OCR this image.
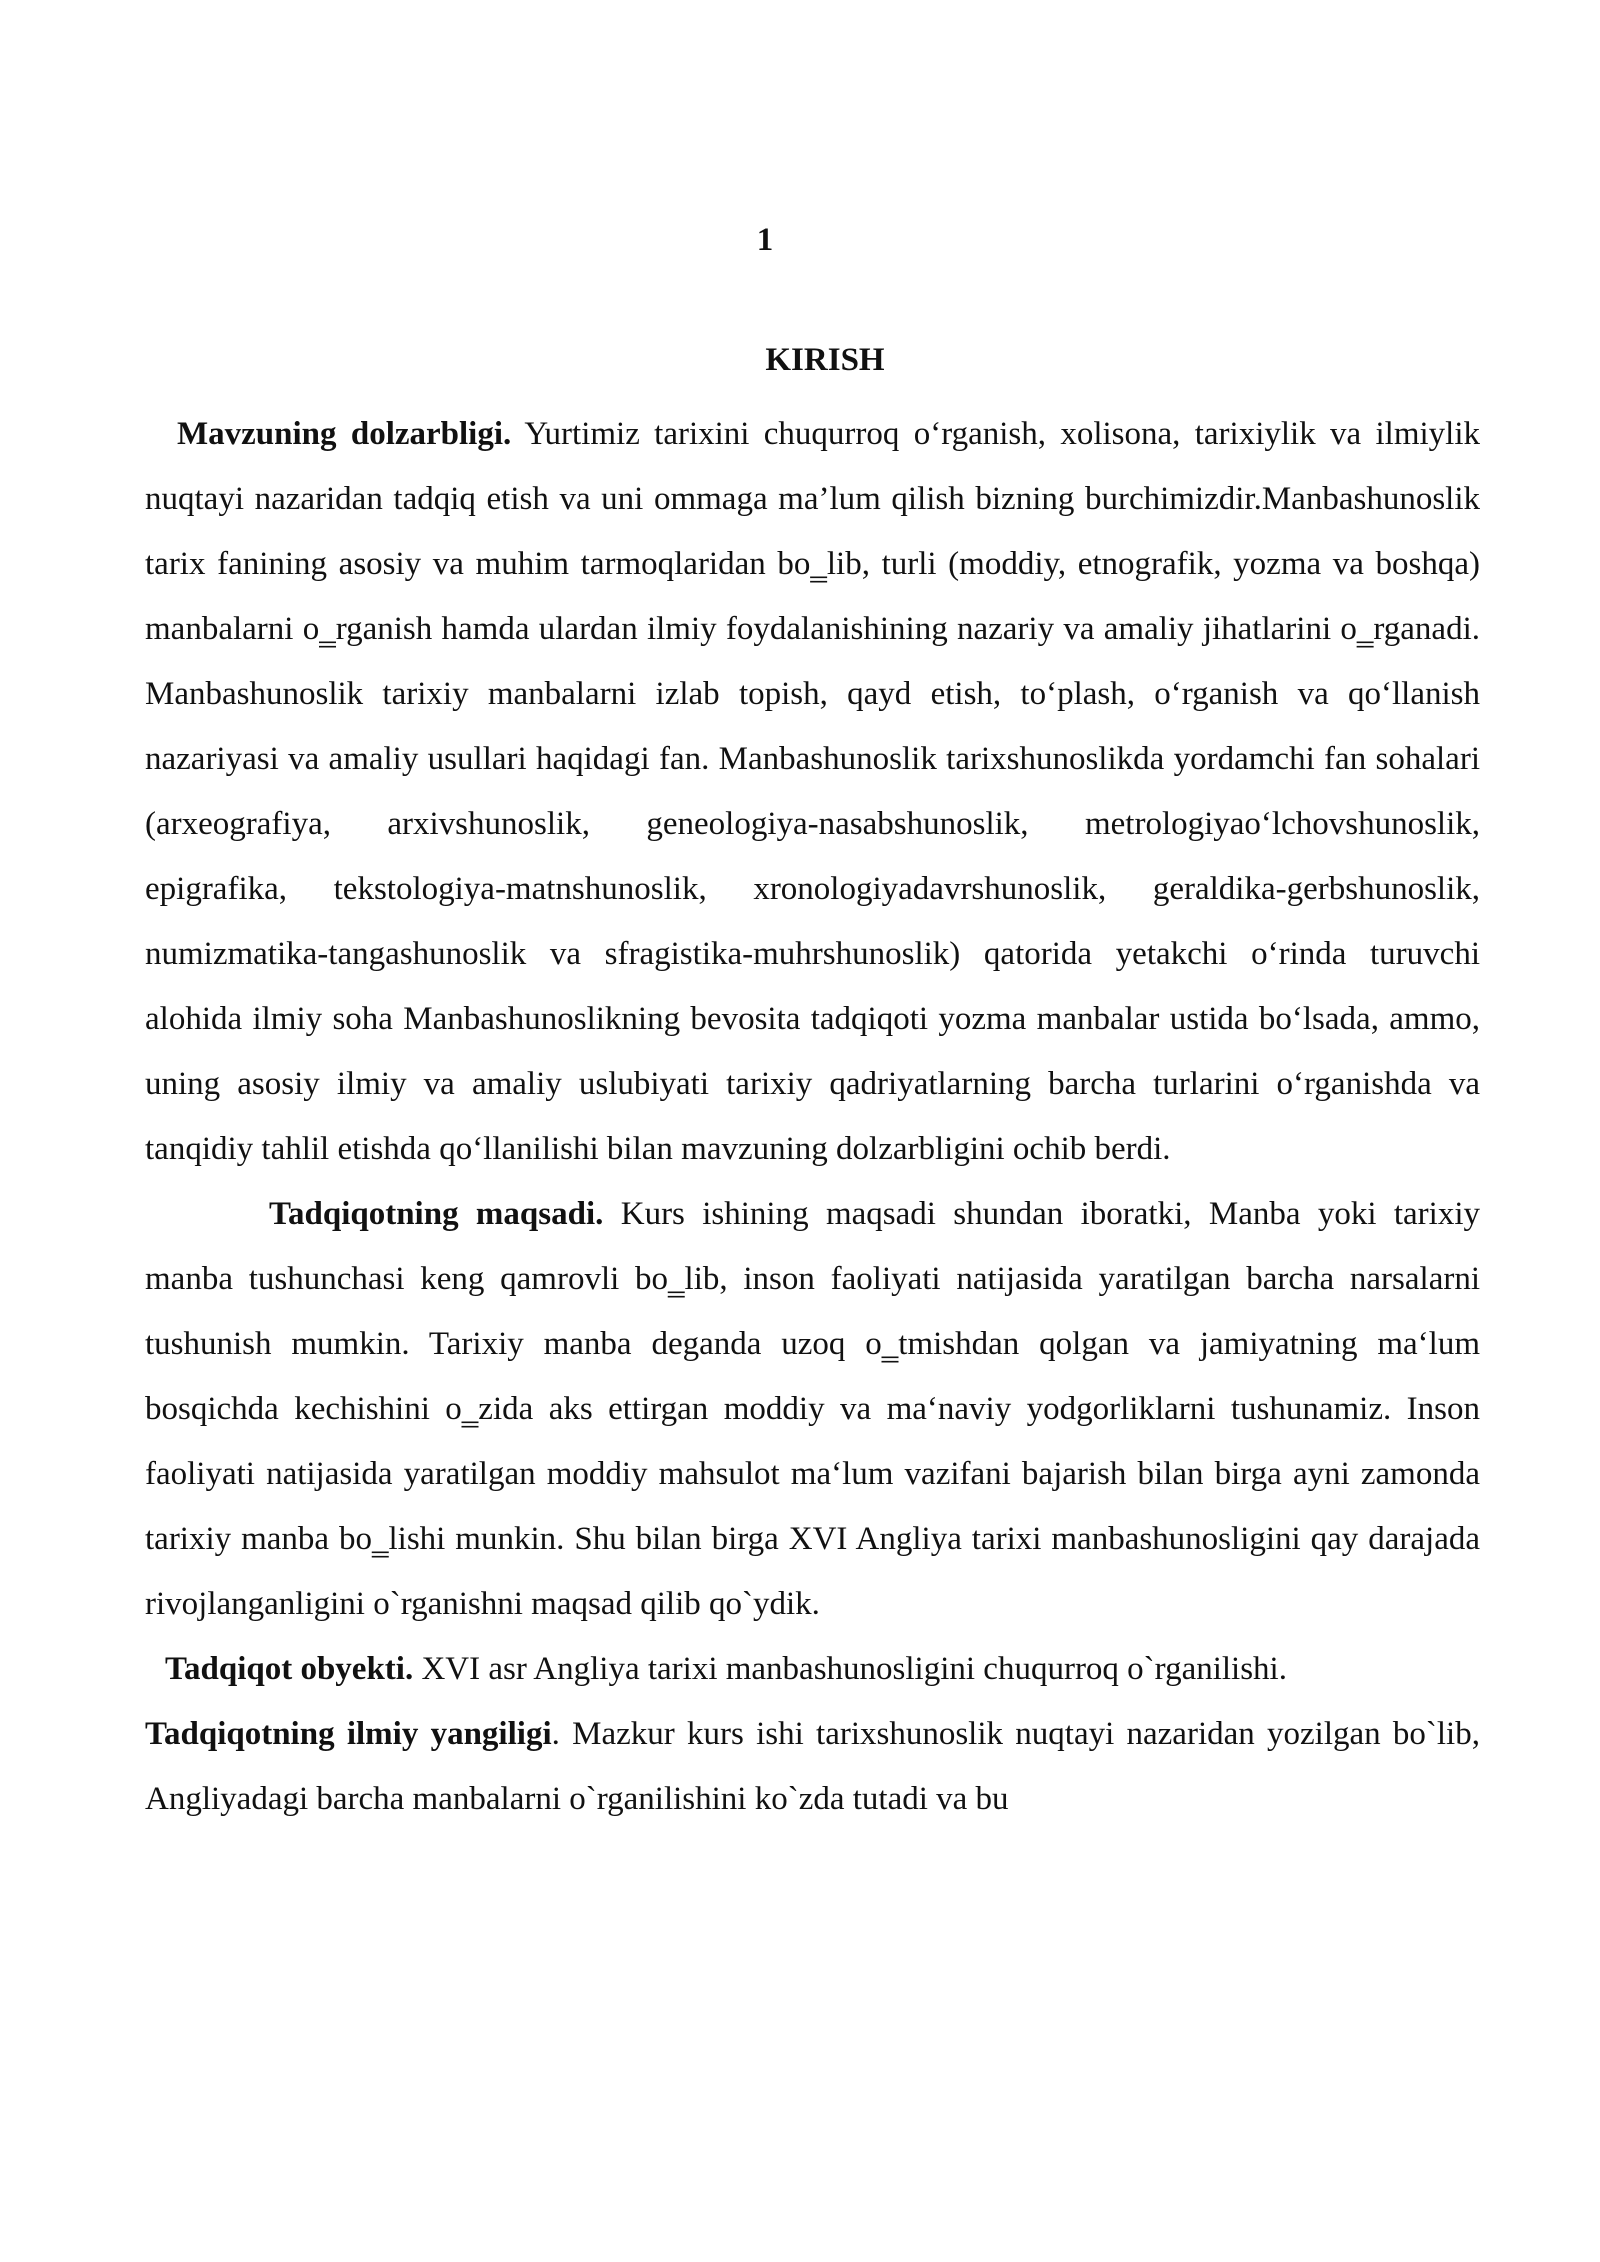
1
KIRISH

Mavzuning dolzarbligi. Yurtimiz tarixini chuqurroq o‘rganish, xolisona, tarixiylik va ilmiylik nuqtayi nazaridan tadqiq etish va uni ommaga ma’lum qilish bizning burchimizdir.Manbashunoslik tarix fanining asosiy va muhim tarmoqlaridan bo‗lib, turli (moddiy, etnografik, yozma va boshqa) manbalarni o‗rganish hamda ulardan ilmiy foydalanishining nazariy va amaliy jihatlarini o‗rganadi. Manbashunoslik tarixiy manbalarni izlab topish, qayd etish, to‘plash, o‘rganish va qo‘llanish nazariyasi va amaliy usullari haqidagi fan. Manbashunoslik tarixshunoslikda yordamchi fan sohalari (arxeografiya, arxivshunoslik, geneologiya-nasabshunoslik, metrologiyao‘lchovshunoslik, epigrafika, tekstologiya-matnshunoslik, xronologiyadavrshunoslik, geraldika-gerbshunoslik, numizmatika-tangashunoslik va sfragistika-muhrshunoslik) qatorida yetakchi o‘rinda turuvchi alohida ilmiy soha Manbashunoslikning bevosita tadqiqoti yozma manbalar ustida bo‘lsada, ammo, uning asosiy ilmiy va amaliy uslubiyati tarixiy qadriyatlarning barcha turlarini o‘rganishda va tanqidiy tahlil etishda qo‘llanilishi bilan mavzuning dolzarbligini ochib berdi.

Tadqiqotning maqsadi. Kurs ishining maqsadi shundan iboratki, Manba yoki tarixiy manba tushunchasi keng qamrovli bo‗lib, inson faoliyati natijasida yaratilgan barcha narsalarni tushunish mumkin. Tarixiy manba deganda uzoq o‗tmishdan qolgan va jamiyatning ma‘lum bosqichda kechishini o‗zida aks ettirgan moddiy va ma‘naviy yodgorliklarni tushunamiz. Inson faoliyati natijasida yaratilgan moddiy mahsulot ma‘lum vazifani bajarish bilan birga ayni zamonda tarixiy manba bo‗lishi munkin. Shu bilan birga XVI Angliya tarixi manbashunosligini qay darajada rivojlanganligini o`rganishni maqsad qilib qo`ydik.

Tadqiqot obyekti. XVI asr Angliya tarixi manbashunosligini chuqurroq o`rganilishi.

Tadqiqotning ilmiy yangiligi. Mazkur kurs ishi tarixshunoslik nuqtayi nazaridan yozilgan bo`lib, Angliyadagi barcha manbalarni o`rganilishini ko`zda tutadi va bu
